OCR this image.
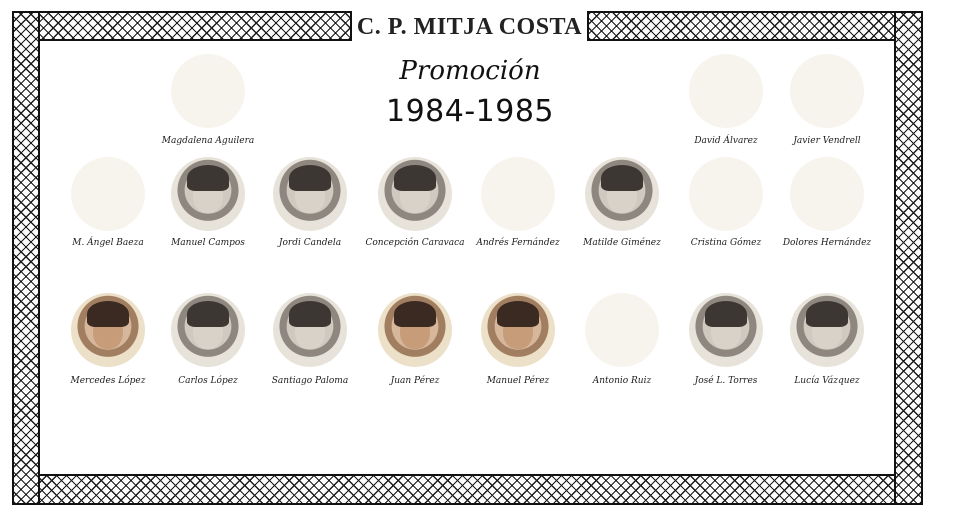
C. P. MITJA COSTA
Promoción
1984-1985
Magdalena Aguilera	David Álvarez	Javier Vendrell
M. Ángel Baeza	Manuel Campos	Jordi Candela	Concepción Caravaca	Andrés Fernández	Matilde Giménez	Cristina Gómez	Dolores Hernández
Mercedes López	Carlos López	Santiago Paloma	Juan Pérez	Manuel Pérez	Antonio Ruiz	José L. Torres	Lucía Vázquez
